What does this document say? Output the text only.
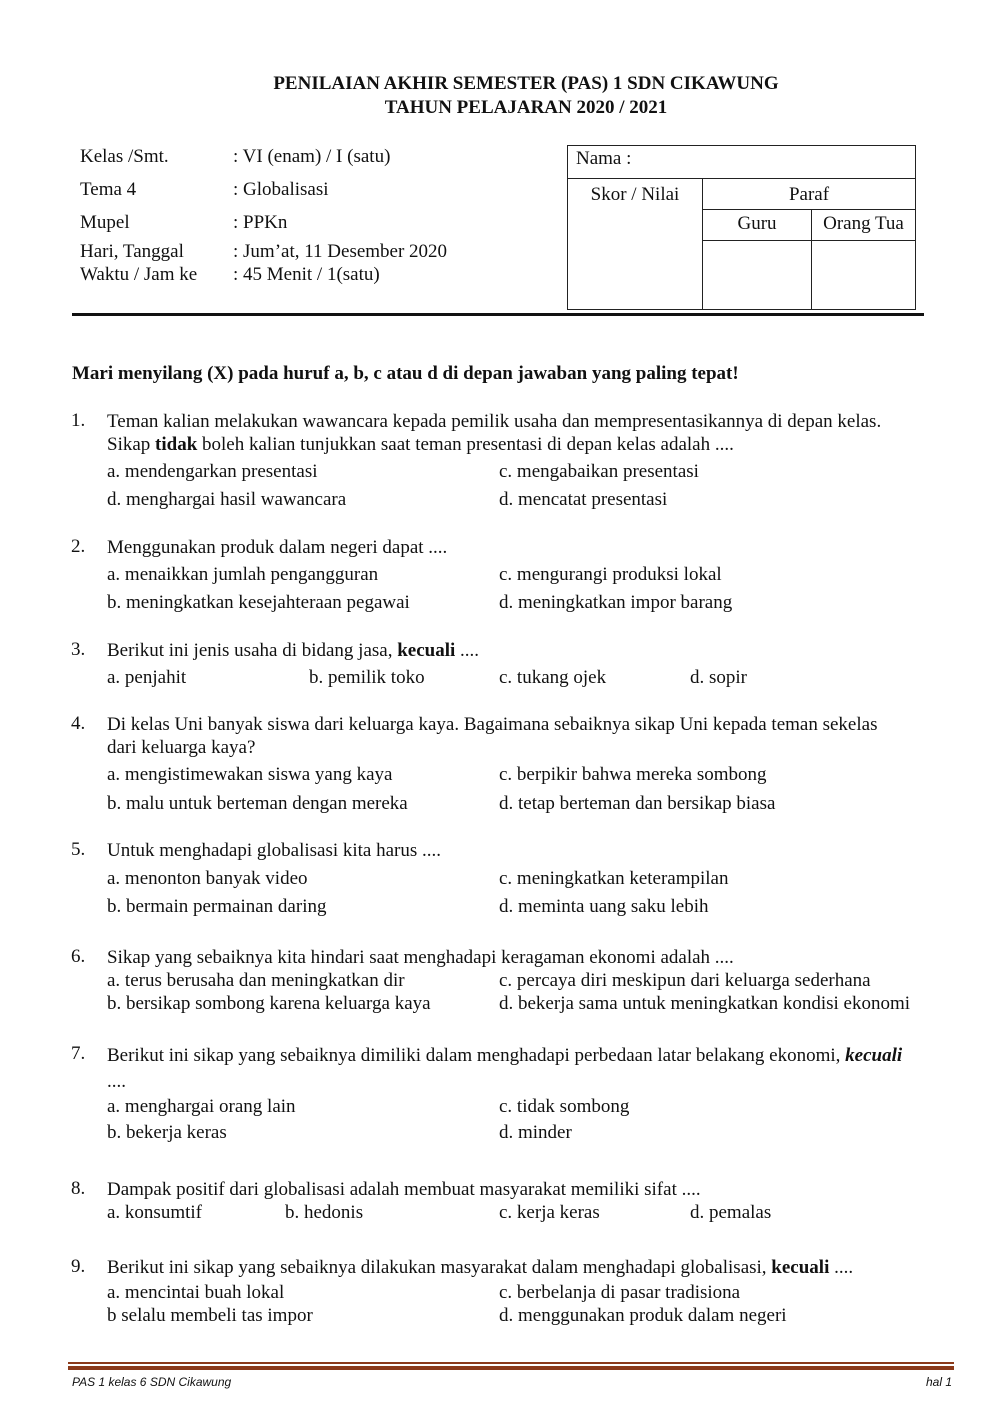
PENILAIAN AKHIR SEMESTER (PAS) 1 SDN CIKAWUNG
TAHUN PELAJARAN 2020 / 2021
Kelas /Smt.	: VI (enam) / I (satu)
Tema 4	: Globalisasi
Mupel	: PPKn
Hari, Tanggal	: Jum’at, 11 Desember 2020
Waktu / Jam ke : 45 Menit / 1(satu)
Nama :
Skor / Nilai	Paraf
Guru	Orang Tua
Mari menyilang (X) pada huruf a, b, c atau d di depan jawaban yang paling tepat!
1. Teman kalian melakukan wawancara kepada pemilik usaha dan mempresentasikannya di depan kelas.
Sikap tidak boleh kalian tunjukkan saat teman presentasi di depan kelas adalah ....
a. mendengarkan presentasi	c. mengabaikan presentasi
d. menghargai hasil wawancara	d. mencatat presentasi
2. Menggunakan produk dalam negeri dapat ....
a. menaikkan jumlah pengangguran	c. mengurangi produksi lokal
b. meningkatkan kesejahteraan pegawai	d. meningkatkan impor barang
3. Berikut ini jenis usaha di bidang jasa, kecuali ....
a. penjahit	b. pemilik toko	c. tukang ojek	d. sopir
4. Di kelas Uni banyak siswa dari keluarga kaya. Bagaimana sebaiknya sikap Uni kepada teman sekelas
dari keluarga kaya?
a. mengistimewakan siswa yang kaya	c. berpikir bahwa mereka sombong
b. malu untuk berteman dengan mereka	d. tetap berteman dan bersikap biasa
5. Untuk menghadapi globalisasi kita harus ....
a. menonton banyak video	c. meningkatkan keterampilan
b. bermain permainan daring	d. meminta uang saku lebih
6. Sikap yang sebaiknya kita hindari saat menghadapi keragaman ekonomi adalah ....
a. terus berusaha dan meningkatkan dir	c. percaya diri meskipun dari keluarga sederhana
b. bersikap sombong karena keluarga kaya	d. bekerja sama untuk meningkatkan kondisi ekonomi
7. Berikut ini sikap yang sebaiknya dimiliki dalam menghadapi perbedaan latar belakang ekonomi, kecuali
....
a. menghargai orang lain	c. tidak sombong
b. bekerja keras	d. minder
8. Dampak positif dari globalisasi adalah membuat masyarakat memiliki sifat ....
a. konsumtif	b. hedonis	c. kerja keras	d. pemalas
9. Berikut ini sikap yang sebaiknya dilakukan masyarakat dalam menghadapi globalisasi, kecuali ....
a. mencintai buah lokal	c. berbelanja di pasar tradisiona
b selalu membeli tas impor	d. menggunakan produk dalam negeri
PAS 1 kelas 6 SDN Cikawung	hal 1
